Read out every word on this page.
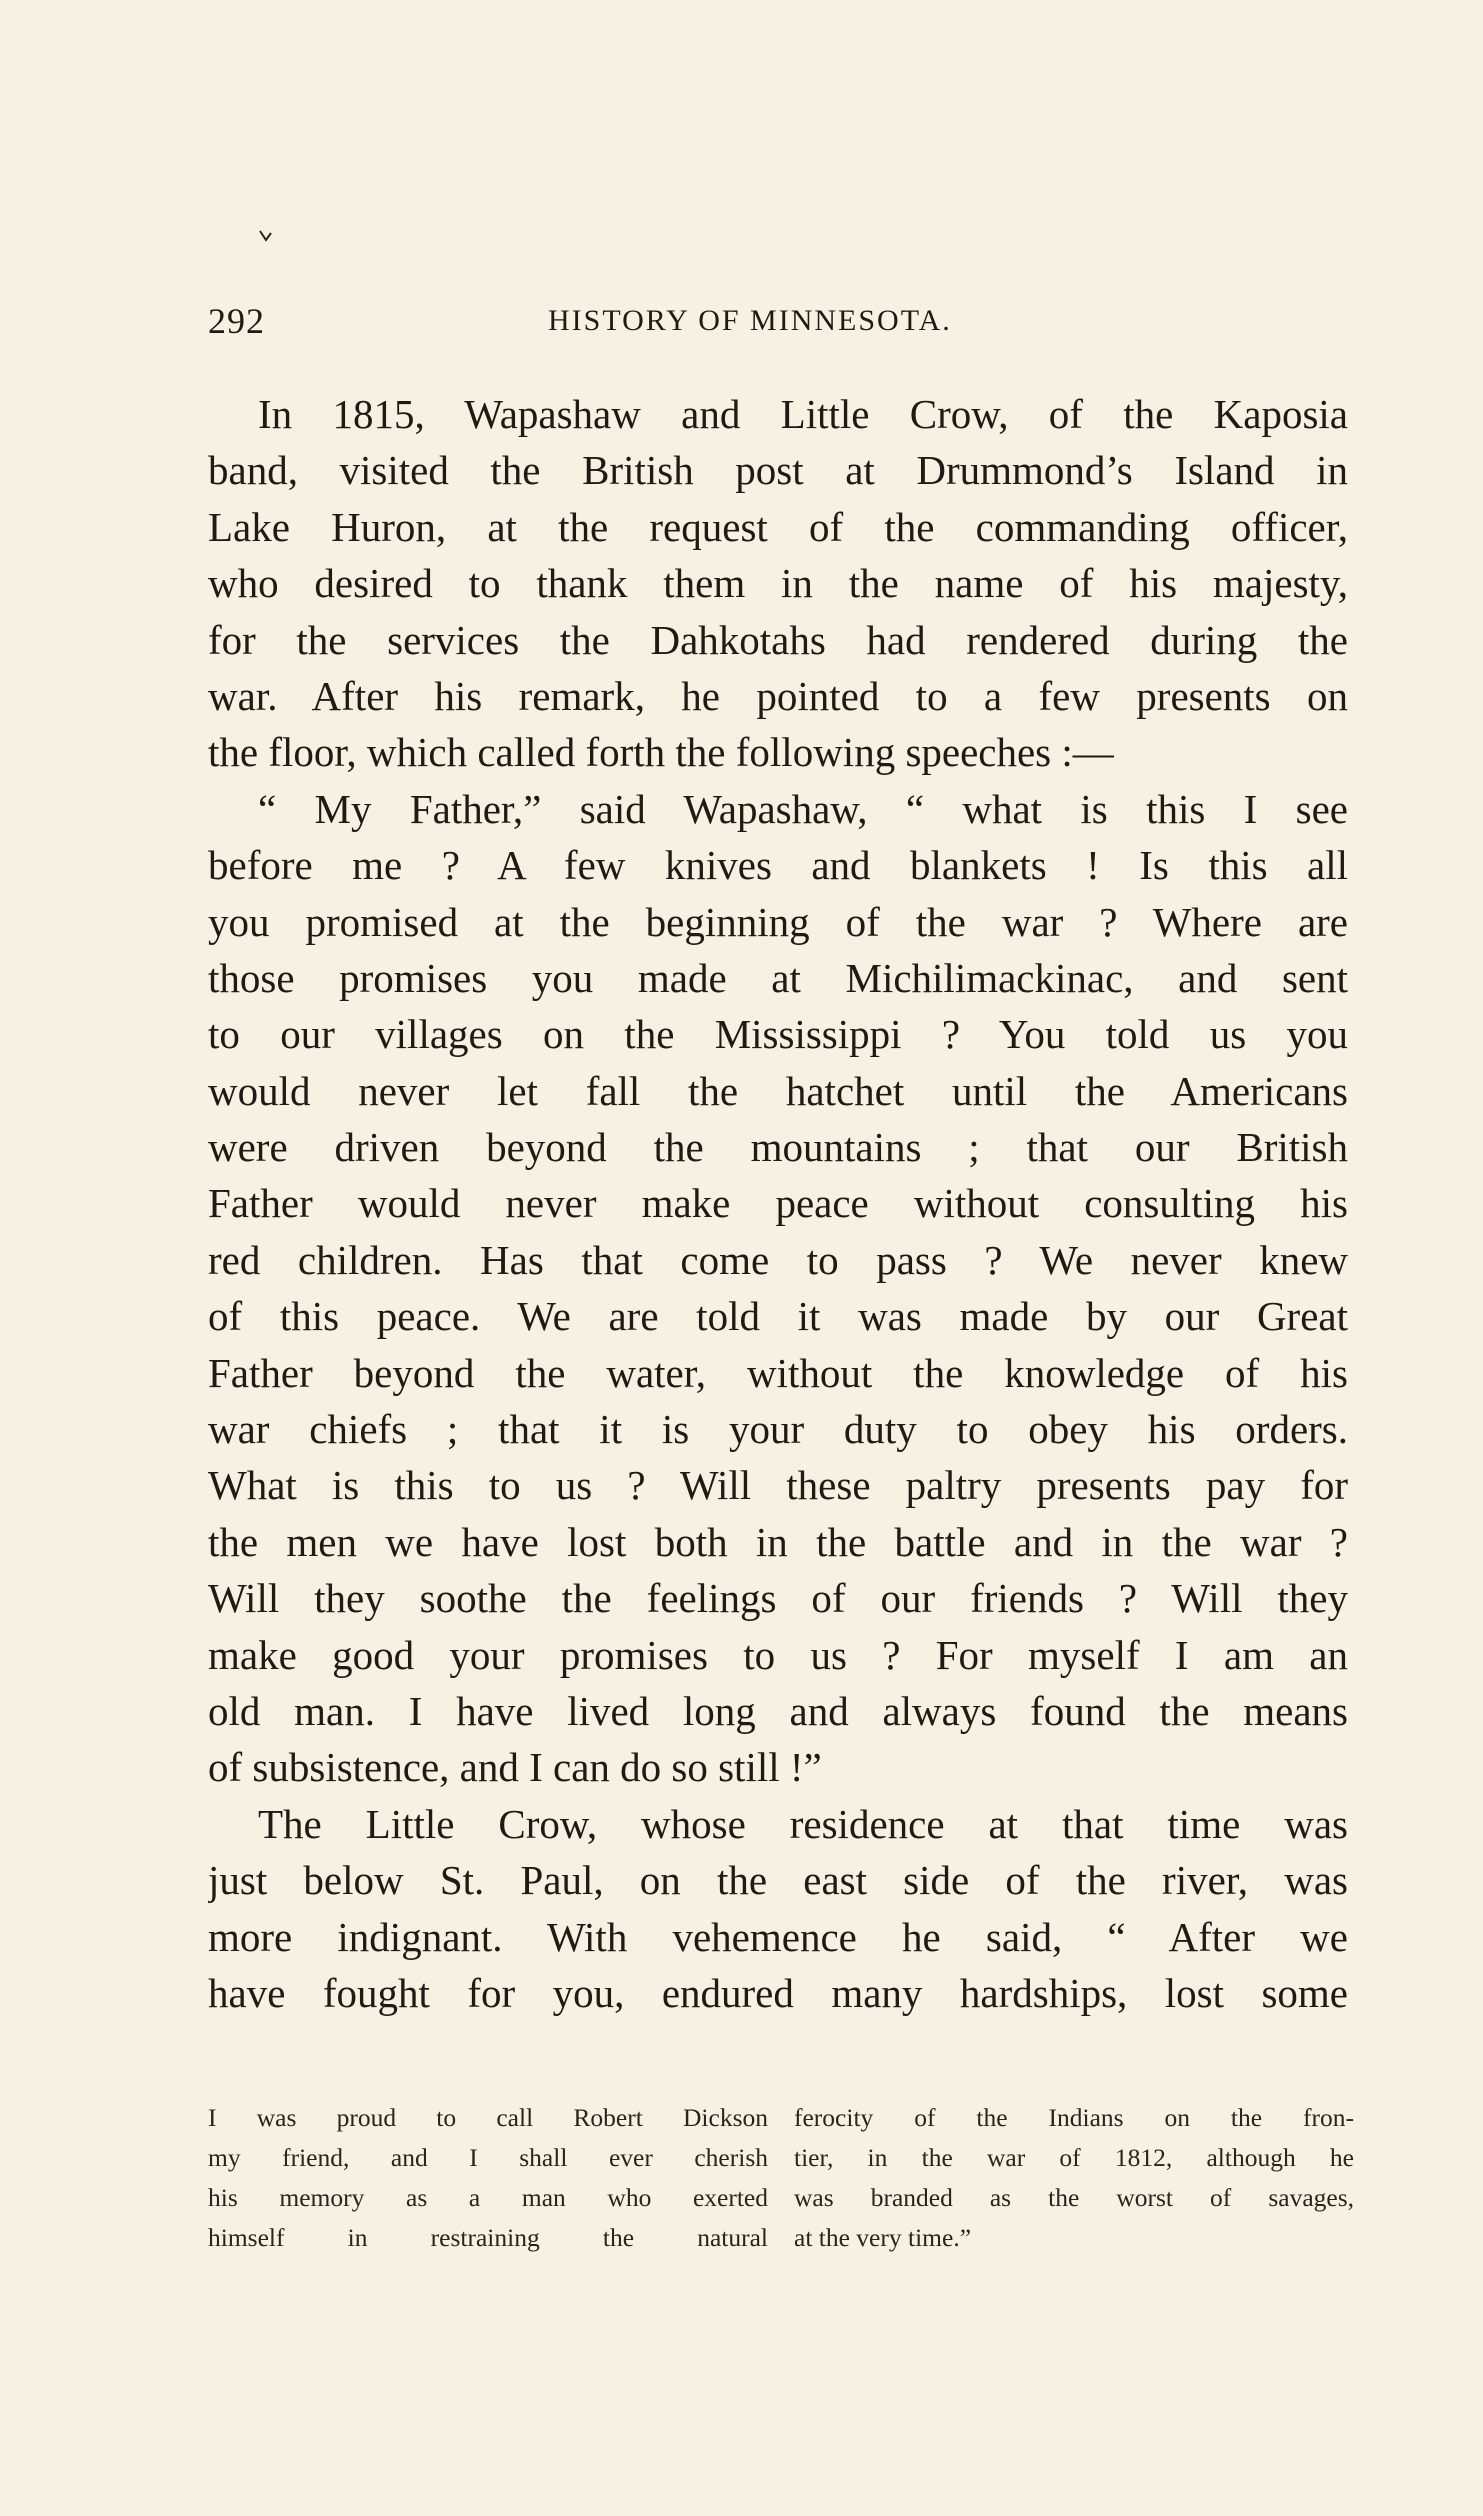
292	HISTORY OF MINNESOTA.
In 1815, Wapashaw and Little Crow, of the Kaposia
band, visited the British post at Drummond’s Island in
Lake Huron, at the request of the commanding officer,
who desired to thank them in the name of his majesty,
for the services the Dahkotahs had rendered during the
war. After his remark, he pointed to a few presents on
the floor, which called forth the following speeches :—
“ My Father,” said Wapashaw, “ what is this I see
before me ? A few knives and blankets ! Is this all
you promised at the beginning of the war ? Where are
those promises you made at Michilimackinac, and sent
to our villages on the Mississippi ? You told us you
would never let fall the hatchet until the Americans
were driven beyond the mountains ; that our British
Father would never make peace without consulting his
red children. Has that come to pass ? We never knew
of this peace. We are told it was made by our Great
Father beyond the water, without the knowledge of his
war chiefs ; that it is your duty to obey his orders.
What is this to us ? Will these paltry presents pay for
the men we have lost both in the battle and in the war ?
Will they soothe the feelings of our friends ? Will they
make good your promises to us ? For myself I am an
old man. I have lived long and always found the means
of subsistence, and I can do so still !”
The Little Crow, whose residence at that time was
just below St. Paul, on the east side of the river, was
more indignant. With vehemence he said, “ After we
have fought for you, endured many hardships, lost some
I was proud to call Robert Dickson
my friend, and I shall ever cherish
his memory as a man who exerted
himself in restraining the natural
ferocity of the Indians on the fron-
tier, in the war of 1812, although he
was branded as the worst of savages,
at the very time.”
